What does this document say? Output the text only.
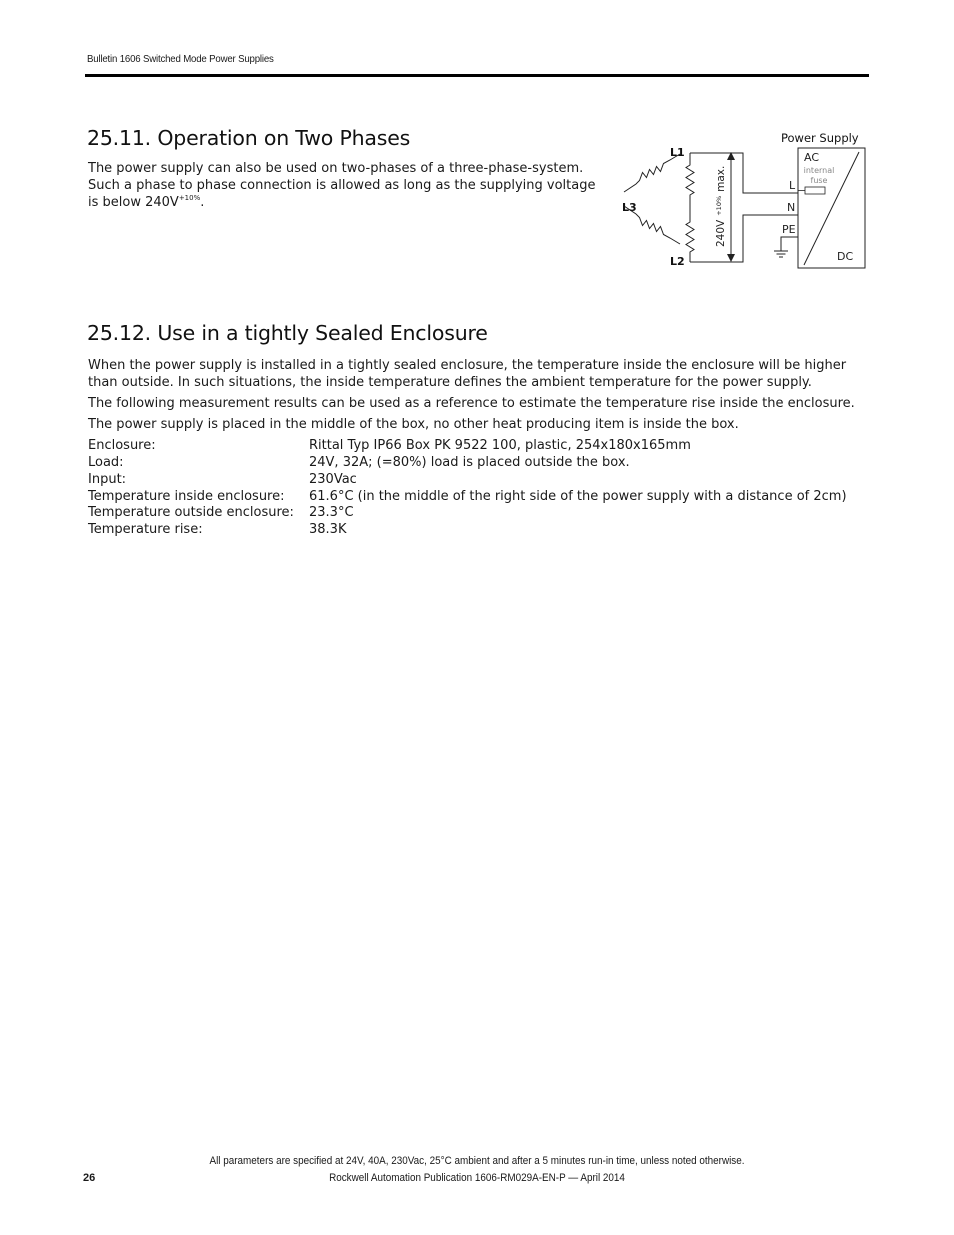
Bulletin 1606 Switched Mode Power Supplies
25.11. Operation on Two Phases
The power supply can also be used on two-phases of a three-phase-system.
Such a phase to phase connection is allowed as long as the supplying voltage
is below $240V^{+10\%}$.
Power Supply
AC
internal
fuse
DC
L
N
PE
$240V^{+10\%}\max$.
L1
L2
L3
25.12. Use in a tightly Sealed Enclosure
When the power supply is installed in a tightly sealed enclosure, the temperature inside the enclosure will be higher
than outside. In such situations, the inside temperature defines the ambient temperature for the power supply.
The following measurement results can be used as a reference to estimate the temperature rise inside the enclosure.
The power supply is placed in the middle of the box, no other heat producing item is inside the box.
Enclosure:	Rittal Typ IP66 Box PK 9522 100, plastic, 254x180x165mm
Load:	24V, 32A; (=80%) load is placed outside the box.
Input:	230Vac
Temperature inside enclosure: 61.6°C (in the middle of the right side of the power supply with a distance of 2cm)
Temperature outside enclosure: 23.3°C
Temperature rise:	38.3K
All parameters are specified at 24V, 40A, 230Vac, 25°C ambient and after a 5 minutes run-in time, unless noted otherwise.
26	Rockwell Automation Publication 1606-RM029A-EN-P — April 2014
